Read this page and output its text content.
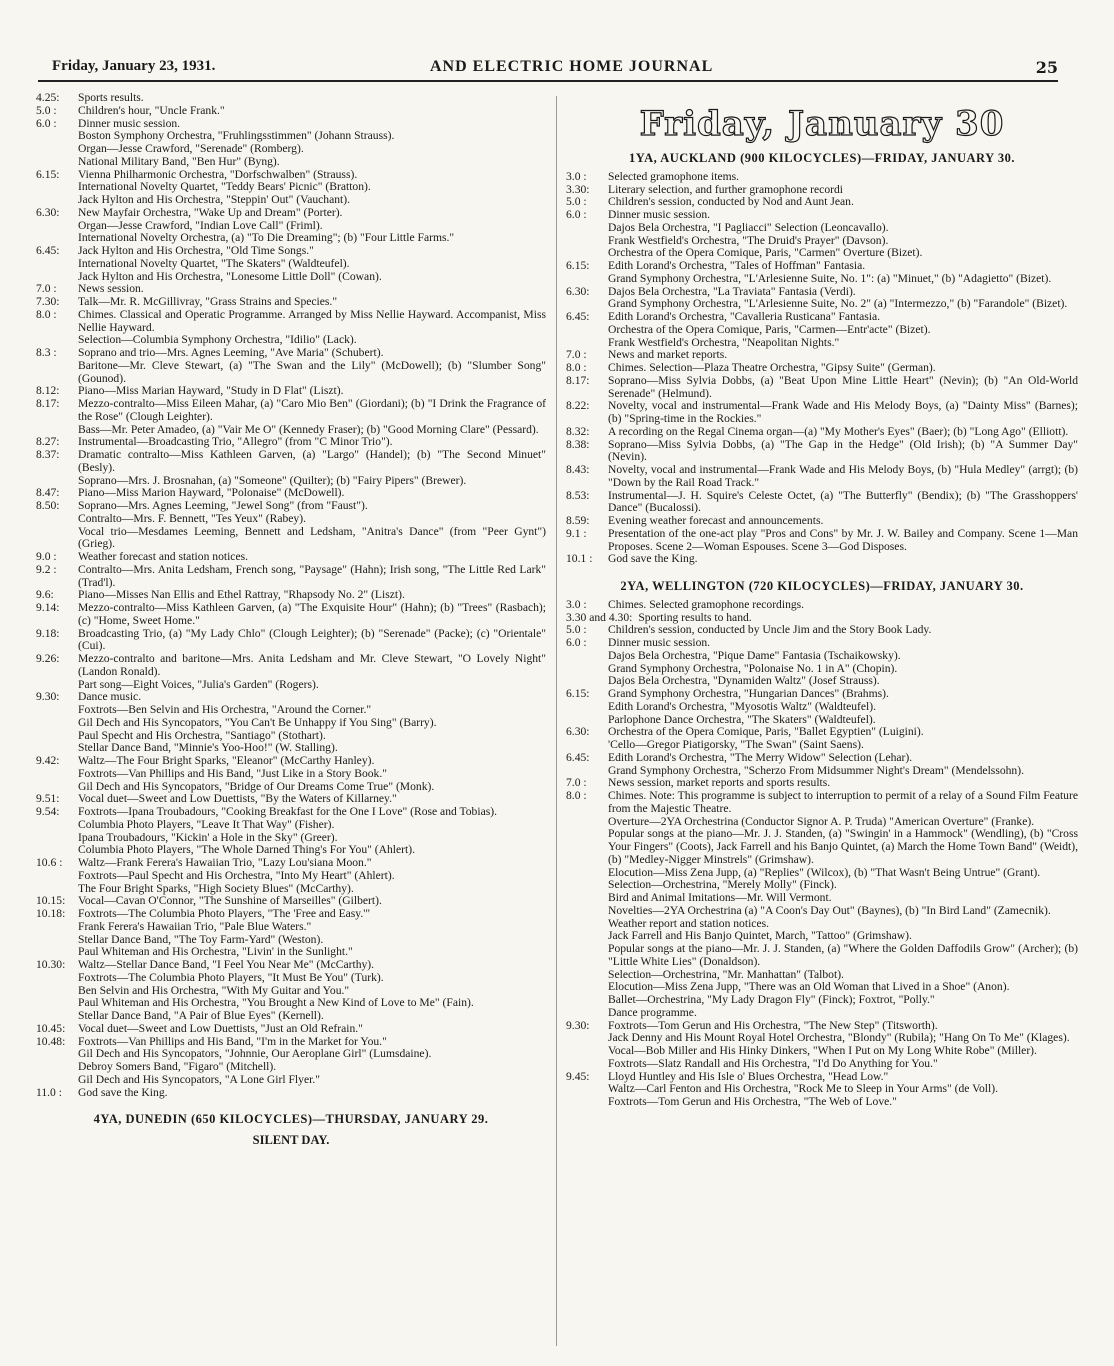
Friday, January 23, 1931.	AND ELECTRIC HOME JOURNAL	25
4.25:	Sports results.
5.0 :	Children's hour, "Uncle Frank."
6.0 :	Dinner music session.
Boston Symphony Orchestra, "Fruhlingsstimmen" (Johann Strauss).
Organ—Jesse Crawford, "Serenade" (Romberg).
National Military Band, "Ben Hur" (Byng).
6.15:	Vienna Philharmonic Orchestra, "Dorfschwalben" (Strauss).
International Novelty Quartet, "Teddy Bears' Picnic" (Bratton).
Jack Hylton and His Orchestra, "Steppin' Out" (Vauchant).
6.30:	New Mayfair Orchestra, "Wake Up and Dream" (Porter).
Organ—Jesse Crawford, "Indian Love Call" (Friml).
International Novelty Orchestra, (a) "To Die Dreaming"; (b) "Four Little Farms."
6.45:	Jack Hylton and His Orchestra, "Old Time Songs."
International Novelty Quartet, "The Skaters" (Waldteufel).
Jack Hylton and His Orchestra, "Lonesome Little Doll" (Cowan).
7.0 :	News session.
7.30:	Talk—Mr. R. McGillivray, "Grass Strains and Species."
8.0 :	Chimes. Classical and Operatic Programme. Arranged by Miss Nellie Hayward. Accompanist, Miss Nellie Hayward.
Selection—Columbia Symphony Orchestra, "Idilio" (Lack).
8.3 :	Soprano and trio—Mrs. Agnes Leeming, "Ave Maria" (Schubert).
Baritone—Mr. Cleve Stewart, (a) "The Swan and the Lily" (McDowell); (b) "Slumber Song" (Gounod).
8.12:	Piano—Miss Marian Hayward, "Study in D Flat" (Liszt).
8.17:	Mezzo-contralto—Miss Eileen Mahar, (a) "Caro Mio Ben" (Giordani); (b) "I Drink the Fragrance of the Rose" (Clough Leighter).
Bass—Mr. Peter Amadeo, (a) "Vair Me O" (Kennedy Fraser); (b) "Good Morning Clare" (Pessard).
8.27:	Instrumental—Broadcasting Trio, "Allegro" (from "C Minor Trio").
8.37:	Dramatic contralto—Miss Kathleen Garven, (a) "Largo" (Handel); (b) "The Second Minuet" (Besly).
Soprano—Mrs. J. Brosnahan, (a) "Someone" (Quilter); (b) "Fairy Pipers" (Brewer).
8.47:	Piano—Miss Marion Hayward, "Polonaise" (McDowell).
8.50:	Soprano—Mrs. Agnes Leeming, "Jewel Song" (from "Faust").
Contralto—Mrs. F. Bennett, "Tes Yeux" (Rabey).
Vocal trio—Mesdames Leeming, Bennett and Ledsham, "Anitra's Dance" (from "Peer Gynt") (Grieg).
9.0 :	Weather forecast and station notices.
9.2 :	Contralto—Mrs. Anita Ledsham, French song, "Paysage" (Hahn); Irish song, "The Little Red Lark" (Trad'l).
9.6:	Piano—Misses Nan Ellis and Ethel Rattray, "Rhapsody No. 2" (Liszt).
9.14:	Mezzo-contralto—Miss Kathleen Garven, (a) "The Exquisite Hour" (Hahn); (b) "Trees" (Rasbach); (c) "Home, Sweet Home."
9.18:	Broadcasting Trio, (a) "My Lady Chlo" (Clough Leighter); (b) "Serenade" (Packe); (c) "Orientale" (Cui).
9.26:	Mezzo-contralto and baritone—Mrs. Anita Ledsham and Mr. Cleve Stewart, "O Lovely Night" (Landon Ronald).
Part song—Eight Voices, "Julia's Garden" (Rogers).
9.30:	Dance music.
Foxtrots—Ben Selvin and His Orchestra, "Around the Corner."
Gil Dech and His Syncopators, "You Can't Be Unhappy if You Sing" (Barry).
Paul Specht and His Orchestra, "Santiago" (Stothart).
Stellar Dance Band, "Minnie's Yoo-Hoo!" (W. Stalling).
9.42:	Waltz—The Four Bright Sparks, "Eleanor" (McCarthy Hanley).
Foxtrots—Van Phillips and His Band, "Just Like in a Story Book."
Gil Dech and His Syncopators, "Bridge of Our Dreams Come True" (Monk).
9.51:	Vocal duet—Sweet and Low Duettists, "By the Waters of Killarney."
9.54:	Foxtrots—Ipana Troubadours, "Cooking Breakfast for the One I Love" (Rose and Tobias).
Columbia Photo Players, "Leave It That Way" (Fisher).
Ipana Troubadours, "Kickin' a Hole in the Sky" (Greer).
Columbia Photo Players, "The Whole Darned Thing's For You" (Ahlert).
10.6 :	Waltz—Frank Ferera's Hawaiian Trio, "Lazy Lou'siana Moon."
Foxtrots—Paul Specht and His Orchestra, "Into My Heart" (Ahlert).
The Four Bright Sparks, "High Society Blues" (McCarthy).
10.15:	Vocal—Cavan O'Connor, "The Sunshine of Marseilles" (Gilbert).
10.18:	Foxtrots—The Columbia Photo Players, "The 'Free and Easy.'"
Frank Ferera's Hawaiian Trio, "Pale Blue Waters."
Stellar Dance Band, "The Toy Farm-Yard" (Weston).
Paul Whiteman and His Orchestra, "Livin' in the Sunlight."
10.30:	Waltz—Stellar Dance Band, "I Feel You Near Me" (McCarthy).
Foxtrots—The Columbia Photo Players, "It Must Be You" (Turk).
Ben Selvin and His Orchestra, "With My Guitar and You."
Paul Whiteman and His Orchestra, "You Brought a New Kind of Love to Me" (Fain).
Stellar Dance Band, "A Pair of Blue Eyes" (Kernell).
10.45:	Vocal duet—Sweet and Low Duettists, "Just an Old Refrain."
10.48:	Foxtrots—Van Phillips and His Band, "I'm in the Market for You."
Gil Dech and His Syncopators, "Johnnie, Our Aeroplane Girl" (Lumsdaine).
Debroy Somers Band, "Figaro" (Mitchell).
Gil Dech and His Syncopators, "A Lone Girl Flyer."
11.0 :	God save the King.
4YA, DUNEDIN (650 KILOCYCLES)—THURSDAY, JANUARY 29.
SILENT DAY.
Friday, January 30
1YA, AUCKLAND (900 KILOCYCLES)—FRIDAY, JANUARY 30.
3.0 :	Selected gramophone items.
3.30:	Literary selection, and further gramophone recordi
5.0 :	Children's session, conducted by Nod and Aunt Jean.
6.0 :	Dinner music session.
Dajos Bela Orchestra, "I Pagliacci" Selection (Leoncavallo).
Frank Westfield's Orchestra, "The Druid's Prayer" (Davson).
Orchestra of the Opera Comique, Paris, "Carmen" Overture (Bizet).
6.15:	Edith Lorand's Orchestra, "Tales of Hoffman" Fantasia.
Grand Symphony Orchestra, "L'Arlesienne Suite, No. 1": (a) "Minuet," (b) "Adagietto" (Bizet).
6.30:	Dajos Bela Orchestra, "La Traviata" Fantasia (Verdi).
Grand Symphony Orchestra, "L'Arlesienne Suite, No. 2" (a) "Intermezzo," (b) "Farandole" (Bizet).
6.45:	Edith Lorand's Orchestra, "Cavalleria Rusticana" Fantasia.
Orchestra of the Opera Comique, Paris, "Carmen—Entr'acte" (Bizet).
Frank Westfield's Orchestra, "Neapolitan Nights."
7.0 :	News and market reports.
8.0 :	Chimes. Selection—Plaza Theatre Orchestra, "Gipsy Suite" (German).
8.17:	Soprano—Miss Sylvia Dobbs, (a) "Beat Upon Mine Little Heart" (Nevin); (b) "An Old-World Serenade" (Helmund).
8.22:	Novelty, vocal and instrumental—Frank Wade and His Melody Boys, (a) "Dainty Miss" (Barnes); (b) "Spring-time in the Rockies."
8.32:	A recording on the Regal Cinema organ—(a) "My Mother's Eyes" (Baer); (b) "Long Ago" (Elliott).
8.38:	Soprano—Miss Sylvia Dobbs, (a) "The Gap in the Hedge" (Old Irish); (b) "A Summer Day" (Nevin).
8.43:	Novelty, vocal and instrumental—Frank Wade and His Melody Boys, (b) "Hula Medley" (arrgt); (b) "Down by the Rail Road Track."
8.53:	Instrumental—J. H. Squire's Celeste Octet, (a) "The Butterfly" (Bendix); (b) "The Grasshoppers' Dance" (Bucalossi).
8.59:	Evening weather forecast and announcements.
9.1 :	Presentation of the one-act play "Pros and Cons" by Mr. J. W. Bailey and Company. Scene 1—Man Proposes. Scene 2—Woman Espouses. Scene 3—God Disposes.
10.1 :	God save the King.
2YA, WELLINGTON (720 KILOCYCLES)—FRIDAY, JANUARY 30.
3.0 :	Chimes. Selected gramophone recordings.
3.30 and 4.30: Sporting results to hand.
5.0 :	Children's session, conducted by Uncle Jim and the Story Book Lady.
6.0 :	Dinner music session.
Dajos Bela Orchestra, "Pique Dame" Fantasia (Tschaikowsky).
Grand Symphony Orchestra, "Polonaise No. 1 in A" (Chopin).
Dajos Bela Orchestra, "Dynamiden Waltz" (Josef Strauss).
6.15:	Grand Symphony Orchestra, "Hungarian Dances" (Brahms).
Edith Lorand's Orchestra, "Myosotis Waltz" (Waldteufel).
Parlophone Dance Orchestra, "The Skaters" (Waldteufel).
6.30:	Orchestra of the Opera Comique, Paris, "Ballet Egyptien" (Luigini).
'Cello—Gregor Piatigorsky, "The Swan" (Saint Saens).
6.45:	Edith Lorand's Orchestra, "The Merry Widow" Selection (Lehar).
Grand Symphony Orchestra, "Scherzo From Midsummer Night's Dream" (Mendelssohn).
7.0 :	News session, market reports and sports results.
8.0 :	Chimes. Note: This programme is subject to interruption to permit of a relay of a Sound Film Feature from the Majestic Theatre.
Overture—2YA Orchestrina (Conductor Signor A. P. Truda) "American Overture" (Franke).
Popular songs at the piano—Mr. J. J. Standen, (a) "Swingin' in a Hammock" (Wendling), (b) "Cross Your Fingers" (Coots), Jack Farrell and his Banjo Quintet, (a) March the Home Town Band" (Weidt), (b) "Medley-Nigger Minstrels" (Grimshaw).
Elocution—Miss Zena Jupp, (a) "Replies" (Wilcox), (b) "That Wasn't Being Untrue" (Grant).
Selection—Orchestrina, "Merely Molly" (Finck).
Bird and Animal Imitations—Mr. Will Vermont.
Novelties—2YA Orchestrina (a) "A Coon's Day Out" (Baynes), (b) "In Bird Land" (Zamecnik).
Weather report and station notices.
Jack Farrell and His Banjo Quintet, March, "Tattoo" (Grimshaw).
Popular songs at the piano—Mr. J. J. Standen, (a) "Where the Golden Daffodils Grow" (Archer); (b) "Little White Lies" (Donaldson).
Selection—Orchestrina, "Mr. Manhattan" (Talbot).
Elocution—Miss Zena Jupp, "There was an Old Woman that Lived in a Shoe" (Anon).
Ballet—Orchestrina, "My Lady Dragon Fly" (Finck); Foxtrot, "Polly."
Dance programme.
9.30:	Foxtrots—Tom Gerun and His Orchestra, "The New Step" (Titsworth).
Jack Denny and His Mount Royal Hotel Orchestra, "Blondy" (Rubila); "Hang On To Me" (Klages).
Vocal—Bob Miller and His Hinky Dinkers, "When I Put on My Long White Robe" (Miller).
Foxtrots—Slatz Randall and His Orchestra, "I'd Do Anything for You."
9.45:	Lloyd Huntley and His Isle o' Blues Orchestra, "Head Low."
Waltz—Carl Fenton and His Orchestra, "Rock Me to Sleep in Your Arms" (de Voll).
Foxtrots—Tom Gerun and His Orchestra, "The Web of Love."
